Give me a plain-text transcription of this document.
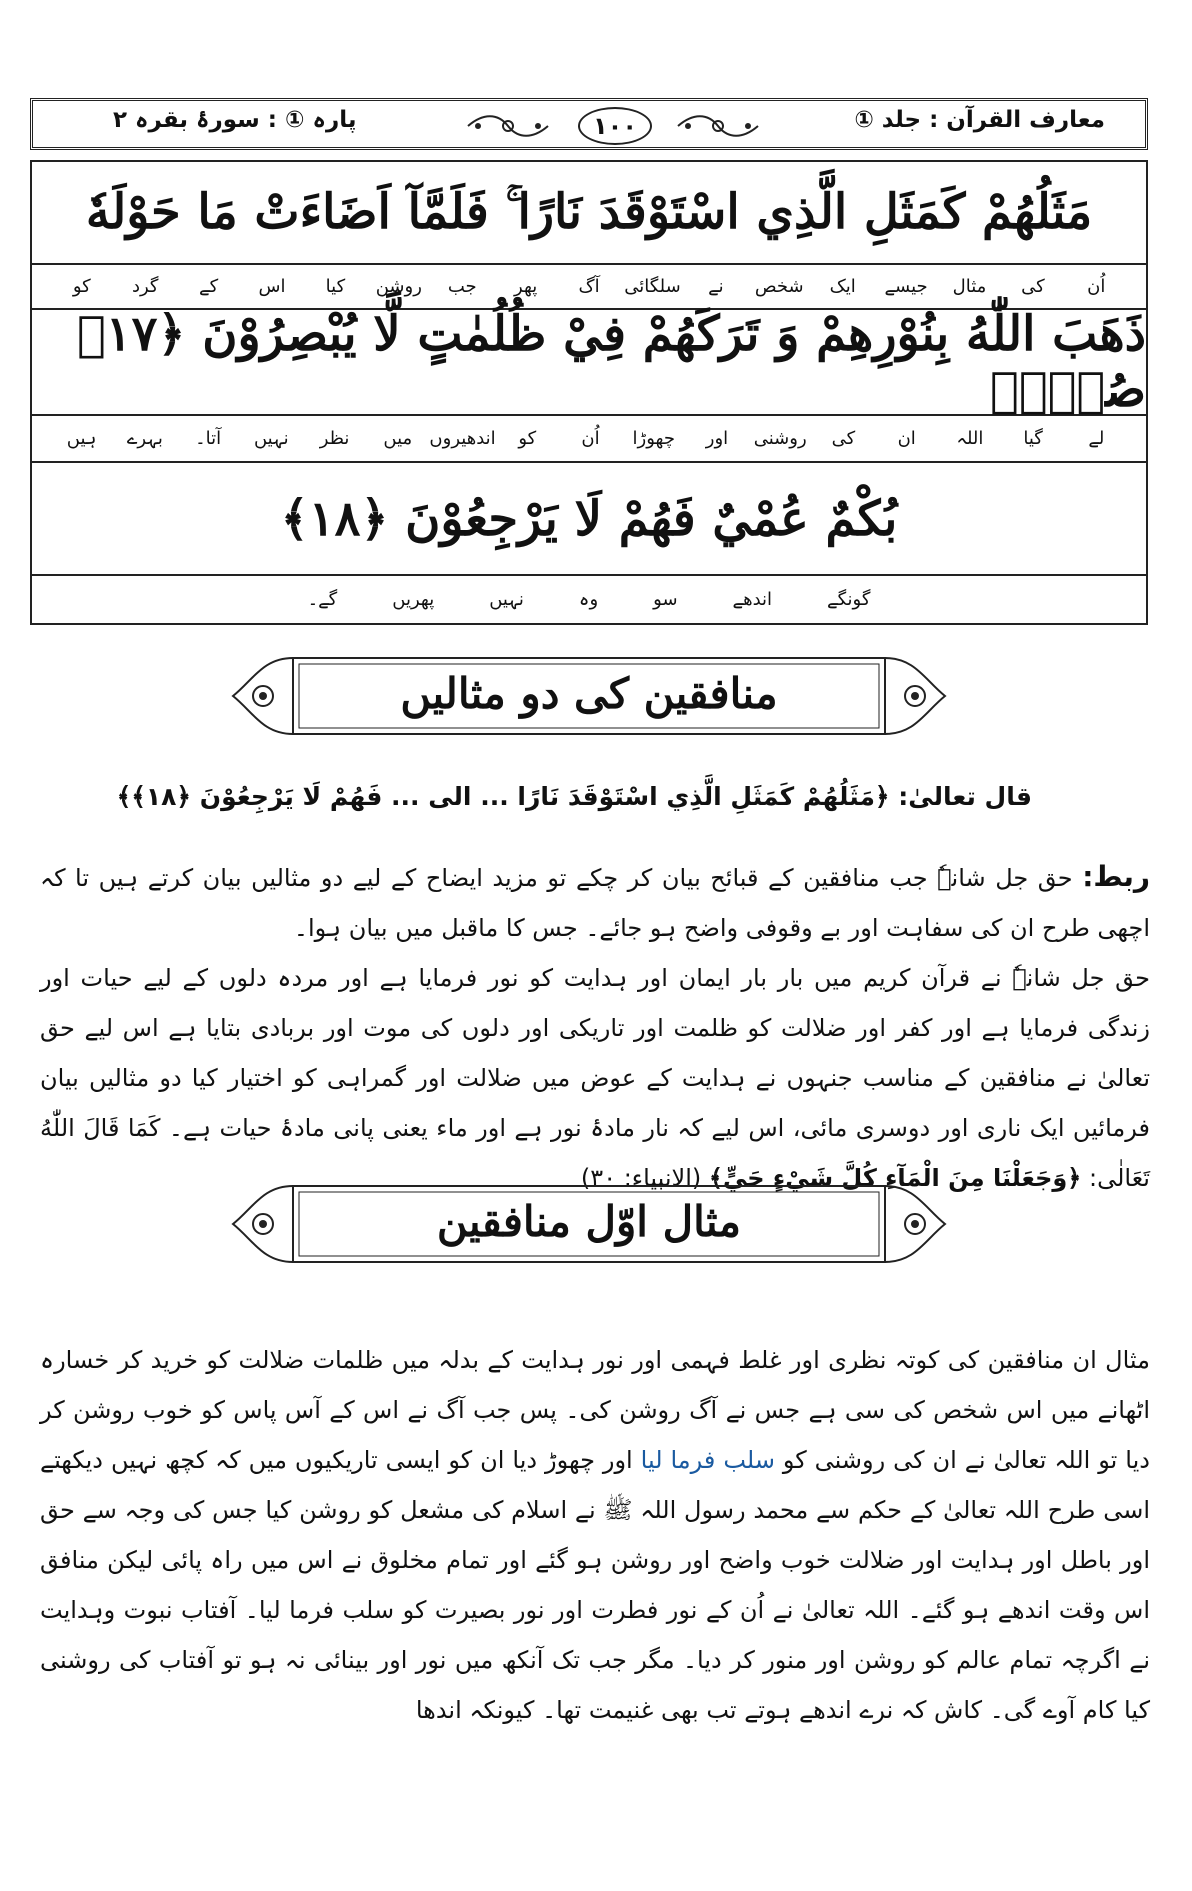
پارہ ① : سورۂ بقرہ ۲	معارف القرآن : جلد ①
۱۰۰
مَثَلُهُمْ كَمَثَلِ الَّذِي اسْتَوْقَدَ نَارًا ۚ فَلَمَّآ اَضَاءَتْ مَا حَوْلَهٗ
اُن
کی
مثال
جیسے
ایک
شخص
نے
سلگائی
آگ
پھر
جب
روشن
کیا
اس
کے
گرد
کو
ذَهَبَ اللّٰهُ بِنُوْرِهِمْ وَ تَرَكَهُمْ فِيْ ظُلُمٰتٍ لَّا يُبْصِرُوْنَ ﴿۱۷﴾ صُمٌّۢ
لے
گیا
اللہ
ان
کی
روشنی
اور
چھوڑا
اُن
کو
اندھیروں
میں
نظر
نہیں
آتا۔
بہرے
ہیں
بُكْمٌ عُمْيٌ فَهُمْ لَا يَرْجِعُوْنَ ﴿۱۸﴾
گونگے
اندھے
سو
وہ
نہیں
پھریں
گے۔
منافقین کی دو مثالیں
قال تعالیٰ: ﴿مَثَلُهُمْ كَمَثَلِ الَّذِي اسْتَوْقَدَ نَارًا ... الی ... فَهُمْ لَا يَرْجِعُوْنَ ﴿۱۸﴾﴾

ربط: حق جل شانہٗ جب منافقین کے قبائح بیان کر چکے تو مزید ایضاح کے لیے دو مثالیں بیان کرتے ہیں تا کہ اچھی طرح ان کی سفاہت اور بے وقوفی واضح ہو جائے۔ جس کا ماقبل میں بیان ہوا۔

حق جل شانہٗ نے قرآن کریم میں بار بار ایمان اور ہدایت کو نور فرمایا ہے اور مردہ دلوں کے لیے حیات اور زندگی فرمایا ہے اور کفر اور ضلالت کو ظلمت اور تاریکی اور دلوں کی موت اور بربادی بتایا ہے اس لیے حق تعالیٰ نے منافقین کے مناسب جنہوں نے ہدایت کے عوض میں ضلالت اور گمراہی کو اختیار کیا دو مثالیں بیان فرمائیں ایک ناری اور دوسری مائی، اس لیے کہ نار مادۂ نور ہے اور ماء یعنی پانی مادۂ حیات ہے۔ كَمَا قَالَ اللّٰهُ تَعَالٰى: ﴿وَجَعَلْنَا مِنَ الْمَآءِ كُلَّ شَيْءٍ حَيٍّ﴾ (الانبیاء: ۳۰)

مثال اوّل منافقین

مثال ان منافقین کی کوتہ نظری اور غلط فہمی اور نور ہدایت کے بدلہ میں ظلمات ضلالت کو خرید کر خسارہ اٹھانے میں اس شخص کی سی ہے جس نے آگ روشن کی۔ پس جب آگ نے اس کے آس پاس کو خوب روشن کر دیا تو اللہ تعالیٰ نے ان کی روشنی کو سلب فرما لیا اور چھوڑ دیا ان کو ایسی تاریکیوں میں کہ کچھ نہیں دیکھتے اسی طرح اللہ تعالیٰ کے حکم سے محمد رسول اللہ ﷺ نے اسلام کی مشعل کو روشن کیا جس کی وجہ سے حق اور باطل اور ہدایت اور ضلالت خوب واضح اور روشن ہو گئے اور تمام مخلوق نے اس میں راہ پائی لیکن منافق اس وقت اندھے ہو گئے۔ اللہ تعالیٰ نے اُن کے نور فطرت اور نور بصیرت کو سلب فرما لیا۔ آفتاب نبوت وہدایت نے اگرچہ تمام عالم کو روشن اور منور کر دیا۔ مگر جب تک آنکھ میں نور اور بینائی نہ ہو تو آفتاب کی روشنی کیا کام آوے گی۔ کاش کہ نرے اندھے ہوتے تب بھی غنیمت تھا۔ کیونکہ اندھا
